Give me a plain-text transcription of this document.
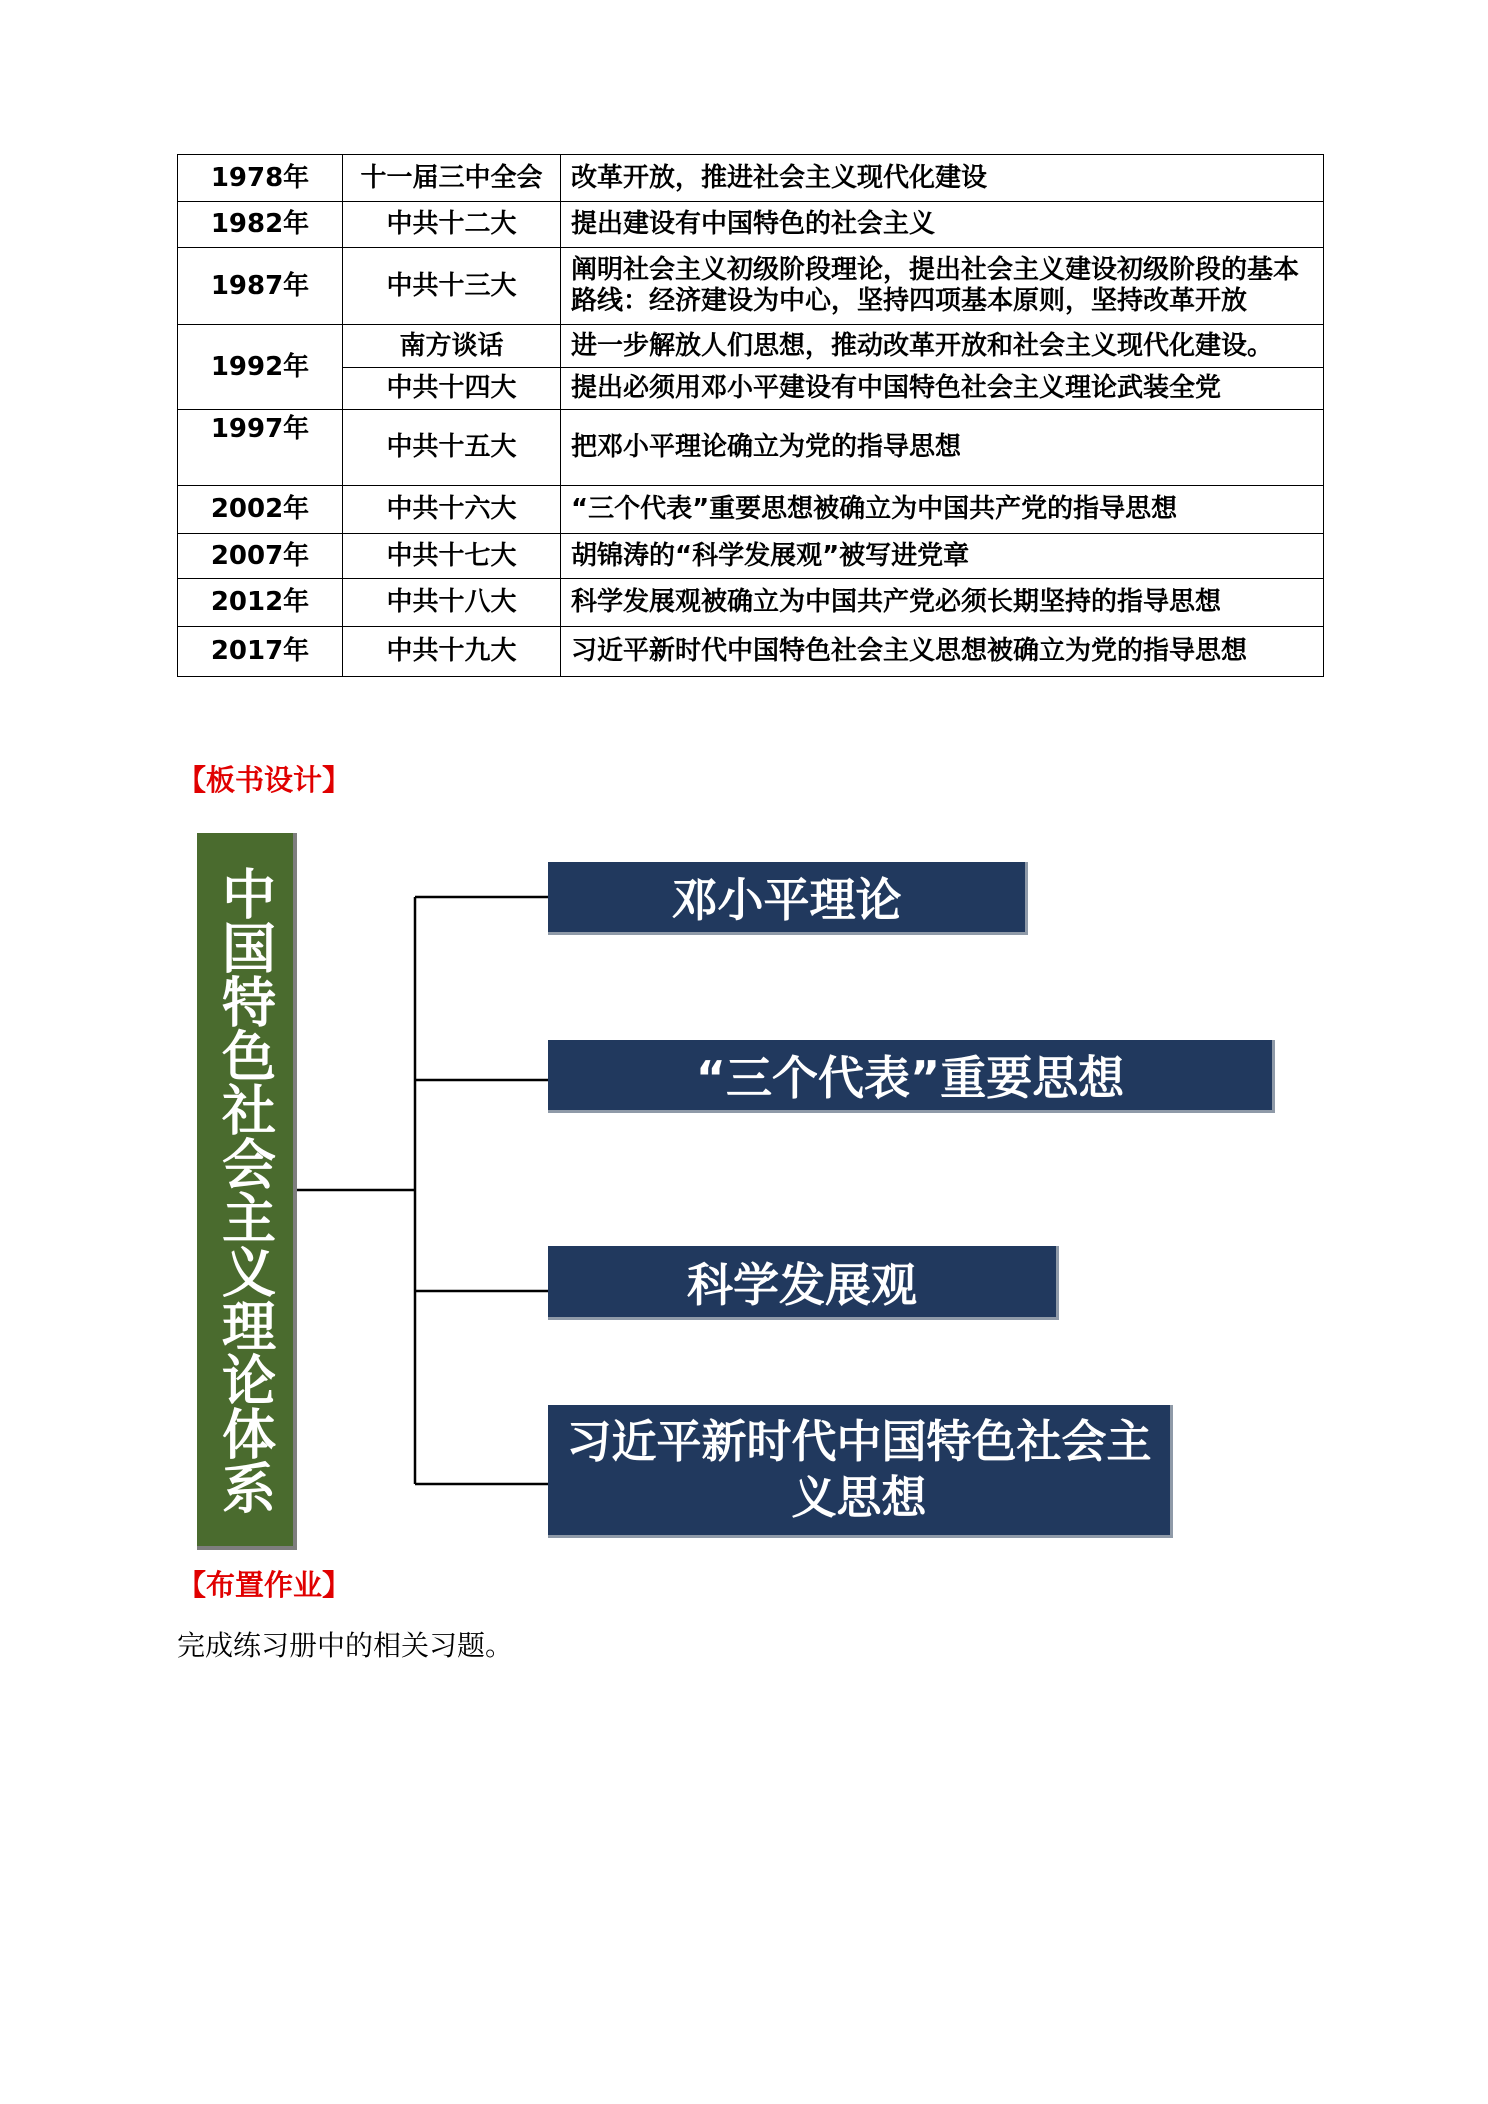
1978年	十一届三中全会	改革开放，推进社会主义现代化建设
1982年	中共十二大	提出建设有中国特色的社会主义
1987年	中共十三大	阐明社会主义初级阶段理论，提出社会主义建设初级阶段的基本
路线：经济建设为中心，坚持四项基本原则，坚持改革开放

1992年	南方谈话	进一步解放人们思想，推动改革开放和社会主义现代化建设。
	中共十四大	提出必须用邓小平建设有中国特色社会主义理论武装全党
1997年	中共十五大	把邓小平理论确立为党的指导思想
2002年	中共十六大	“三个代表”重要思想被确立为中国共产党的指导思想
2007年	中共十七大	胡锦涛的“科学发展观”被写进党章
2012年	中共十八大	科学发展观被确立为中国共产党必须长期坚持的指导思想
2017年	中共十九大	习近平新时代中国特色社会主义思想被确立为党的指导思想
【板书设计】
中国特色社会主义理论体系	邓小平理论
“三个代表”重要思想
科学发展观
习近平新时代中国特色社会主义思想
【布置作业】
完成练习册中的相关习题。
